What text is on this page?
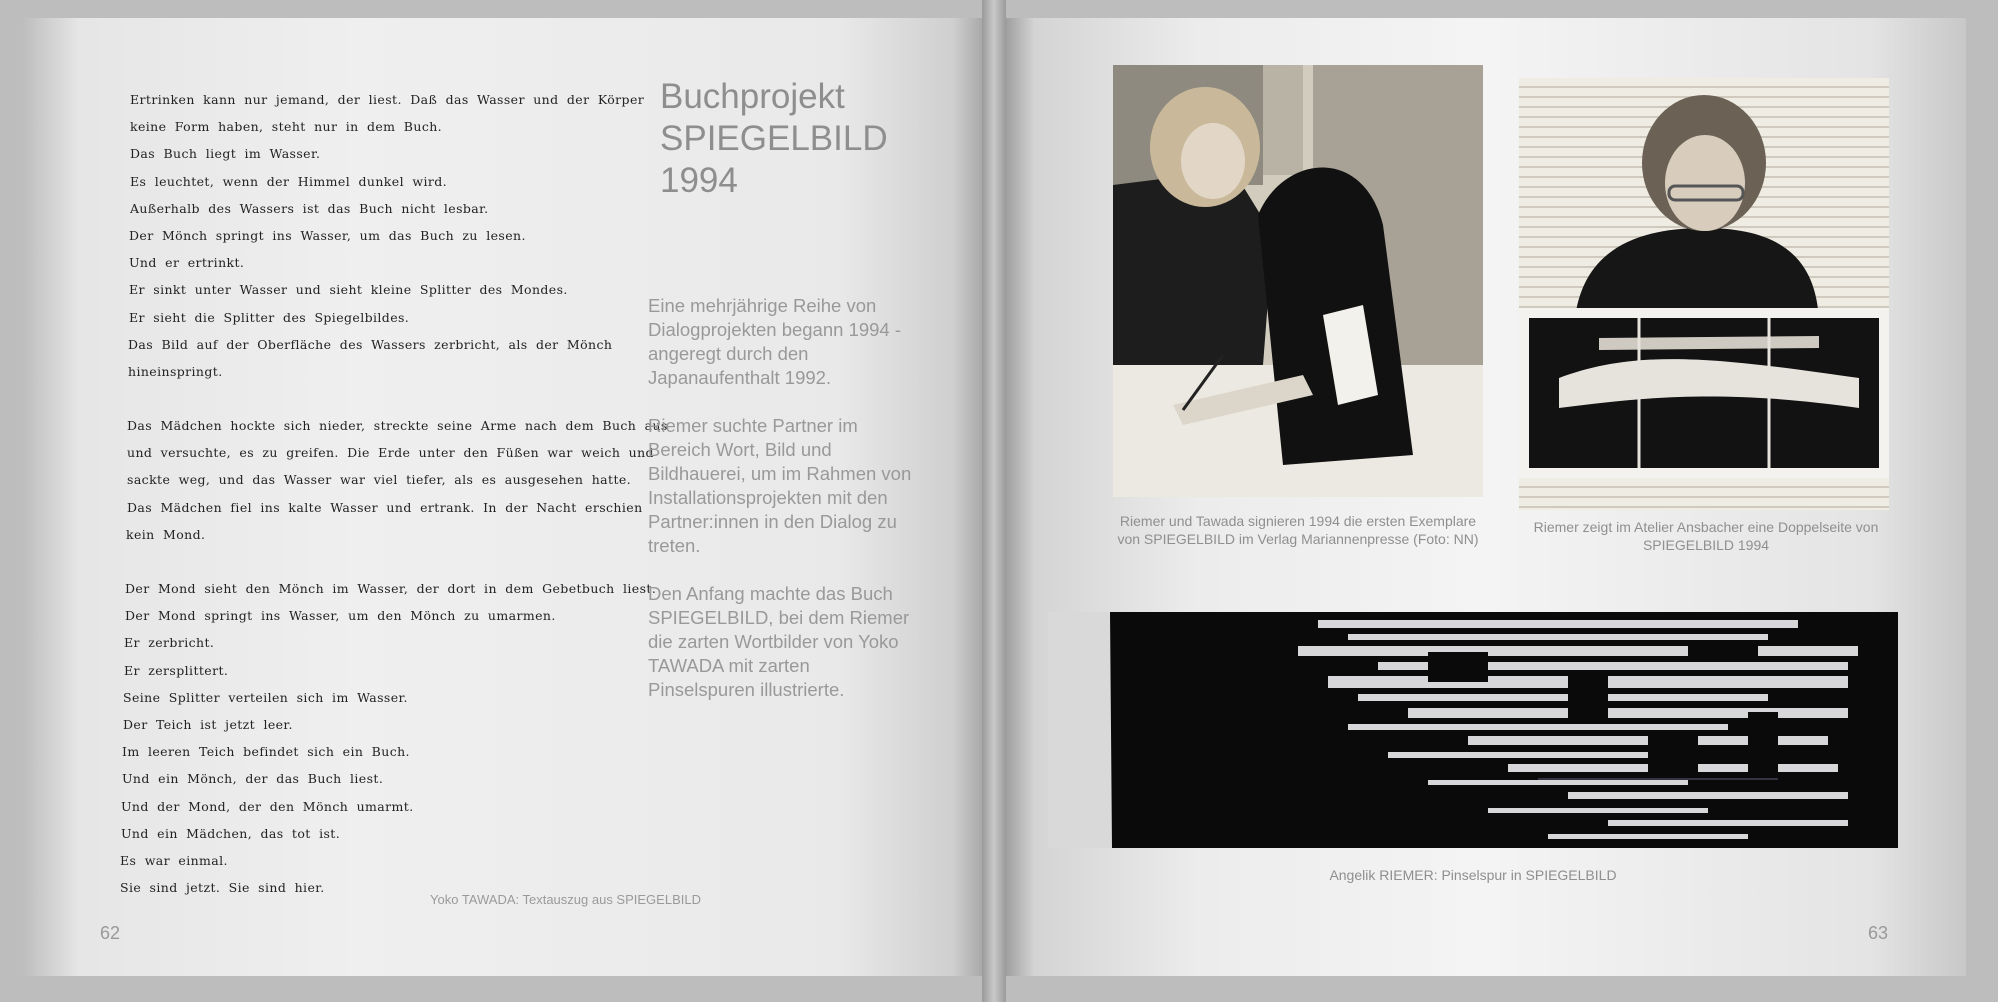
Ertrinken kann nur jemand, der liest. Daß das Wasser und der Körper
keine Form haben, steht nur in dem Buch.
Das Buch liegt im Wasser.
Es leuchtet, wenn der Himmel dunkel wird.
Außerhalb des Wassers ist das Buch nicht lesbar.
Der Mönch springt ins Wasser, um das Buch zu lesen.
Und er ertrinkt.
Er sinkt unter Wasser und sieht kleine Splitter des Mondes.
Er sieht die Splitter des Spiegelbildes.
Das Bild auf der Oberfläche des Wassers zerbricht, als der Mönch
hineinspringt.
Das Mädchen hockte sich nieder, streckte seine Arme nach dem Buch aus
und versuchte, es zu greifen. Die Erde unter den Füßen war weich und
sackte weg, und das Wasser war viel tiefer, als es ausgesehen hatte.
Das Mädchen fiel ins kalte Wasser und ertrank. In der Nacht erschien
kein Mond.
Der Mond sieht den Mönch im Wasser, der dort in dem Gebetbuch liest.
Der Mond springt ins Wasser, um den Mönch zu umarmen.
Er zerbricht.
Er zersplittert.
Seine Splitter verteilen sich im Wasser.
Der Teich ist jetzt leer.
Im leeren Teich befindet sich ein Buch.
Und ein Mönch, der das Buch liest.
Und der Mond, der den Mönch umarmt.
Und ein Mädchen, das tot ist.
Es war einmal.
Sie sind jetzt. Sie sind hier.
Yoko TAWADA: Textauszug aus SPIEGELBILD
Buchprojekt
SPIEGELBILD
1994

Eine mehrjährige Reihe von Dialogprojekten begann 1994 - angeregt durch den Japanaufenthalt 1992.

Riemer suchte Partner im Bereich Wort, Bild und Bildhauerei, um im Rahmen von Installationsprojekten mit den Partner:innen in den Dialog zu treten.

Den Anfang machte das Buch SPIEGELBILD, bei dem Riemer die zarten Wortbilder von Yoko TAWADA mit zarten Pinselspuren illustrierte.

62
Riemer und Tawada signieren 1994 die ersten Exemplare von SPIEGELBILD im Verlag Mariannenpresse (Foto: NN)
Riemer zeigt im Atelier Ansbacher eine Doppelseite von SPIEGELBILD 1994
Angelik RIEMER: Pinselspur in SPIEGELBILD
63
